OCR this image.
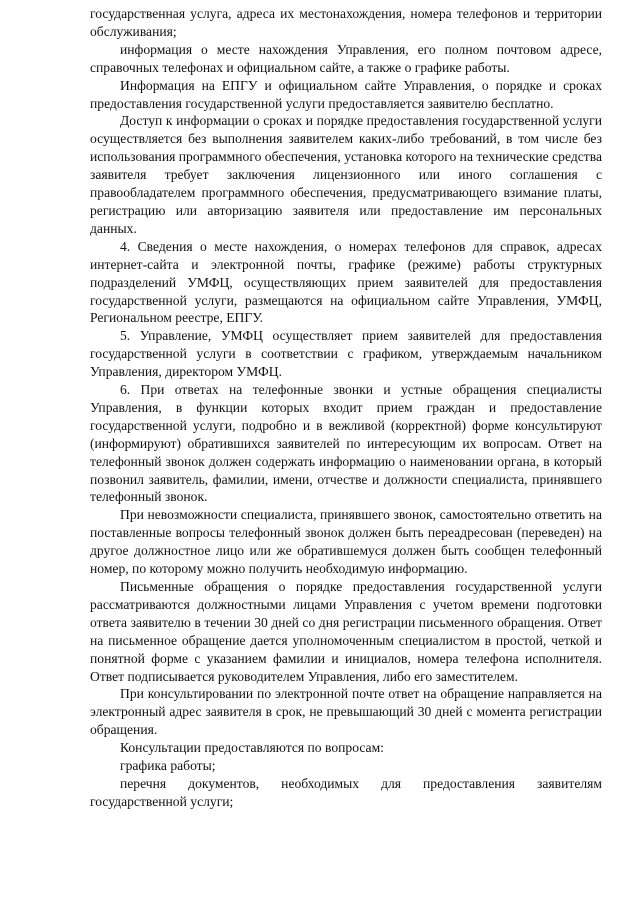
государственная услуга, адреса их местонахождения, номера телефонов и территории обслуживания;

информация о месте нахождения Управления, его полном почтовом адресе, справочных телефонах и официальном сайте, а также о графике работы.

Информация на ЕПГУ и официальном сайте Управления, о порядке и сроках предоставления государственной услуги предоставляется заявителю бесплатно.

Доступ к информации о сроках и порядке предоставления государственной услуги осуществляется без выполнения заявителем каких-либо требований, в том числе без использования программного обеспечения, установка которого на технические средства заявителя требует заключения лицензионного или иного соглашения с правообладателем программного обеспечения, предусматривающего взимание платы, регистрацию или авторизацию заявителя или предоставление им персональных данных.

4. Сведения о месте нахождения, о номерах телефонов для справок, адресах интернет-сайта и электронной почты, графике (режиме) работы структурных подразделений УМФЦ, осуществляющих прием заявителей для предоставления государственной услуги, размещаются на официальном сайте Управления, УМФЦ, Региональном реестре, ЕПГУ.

5. Управление, УМФЦ осуществляет прием заявителей для предоставления государственной услуги в соответствии с графиком, утверждаемым начальником Управления, директором УМФЦ.

6. При ответах на телефонные звонки и устные обращения специалисты Управления, в функции которых входит прием граждан и предоставление государственной услуги, подробно и в вежливой (корректной) форме консультируют (информируют) обратившихся заявителей по интересующим их вопросам. Ответ на телефонный звонок должен содержать информацию о наименовании органа, в который позвонил заявитель, фамилии, имени, отчестве и должности специалиста, принявшего телефонный звонок.

При невозможности специалиста, принявшего звонок, самостоятельно ответить на поставленные вопросы телефонный звонок должен быть переадресован (переведен) на другое должностное лицо или же обратившемуся должен быть сообщен телефонный номер, по которому можно получить необходимую информацию.

Письменные обращения о порядке предоставления государственной услуги рассматриваются должностными лицами Управления с учетом времени подготовки ответа заявителю в течении 30 дней со дня регистрации письменного обращения. Ответ на письменное обращение дается уполномоченным специалистом в простой, четкой и понятной форме с указанием фамилии и инициалов, номера телефона исполнителя. Ответ подписывается руководителем Управления, либо его заместителем.

При консультировании по электронной почте ответ на обращение направляется на электронный адрес заявителя в срок, не превышающий 30 дней с момента регистрации обращения.

Консультации предоставляются по вопросам:

графика работы;

перечня документов, необходимых для предоставления заявителям государственной услуги;
